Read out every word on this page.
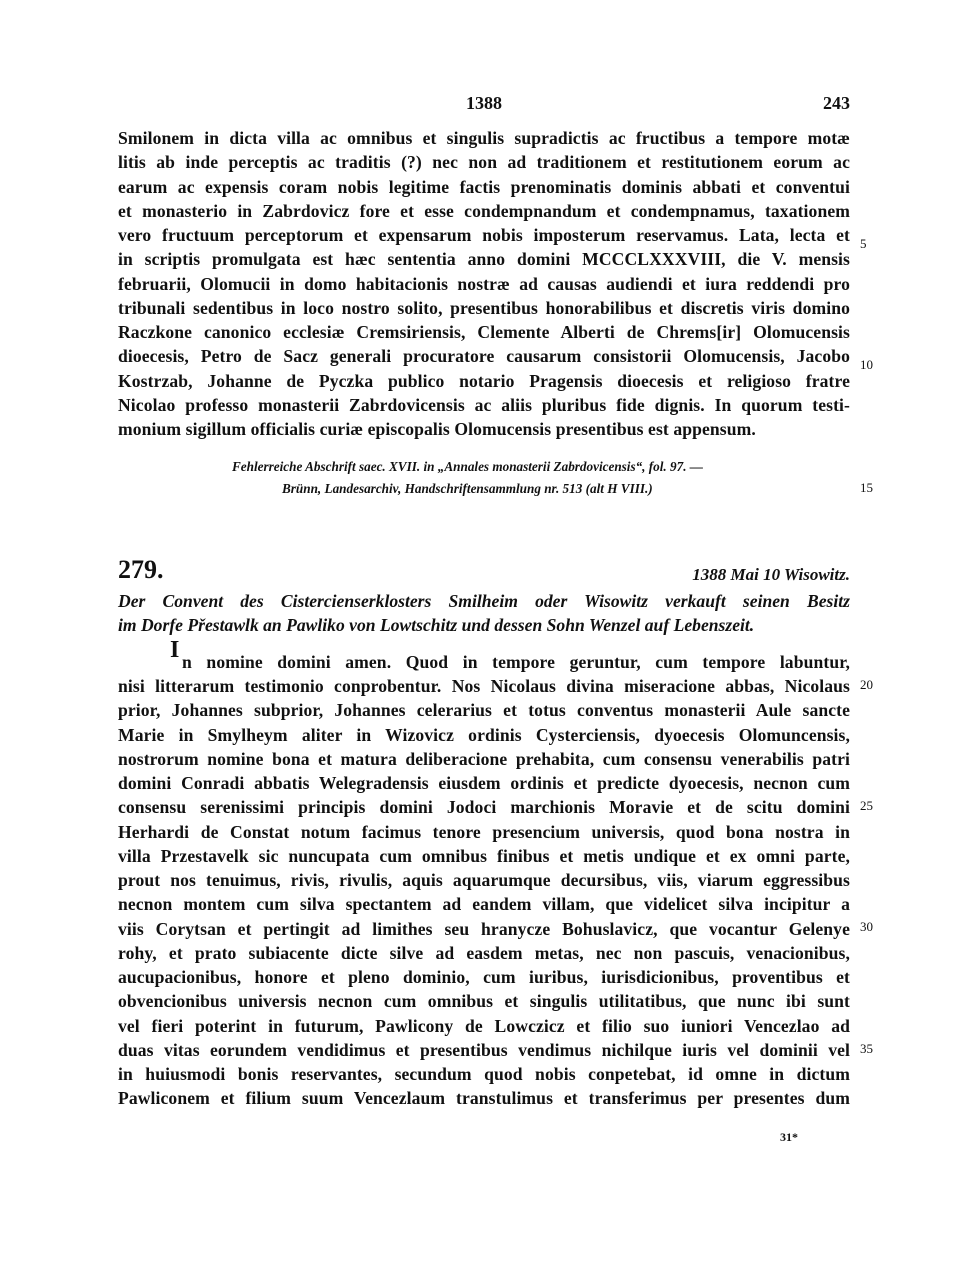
1388	243
Smilonem in dicta villa ac omnibus et singulis supradictis ac fructibus a tempore motæ
litis ab inde perceptis ac traditis (?) nec non ad traditionem et restitutionem eorum ac
earum ac expensis coram nobis legitime factis prenominatis dominis abbati et conventui
et monasterio in Zabrdovicz fore et esse condempnandum et condempnamus, taxationem
vero fructuum perceptorum et expensarum nobis imposterum reservamus. Lata, lecta et
in scriptis promulgata est hæc sententia anno domini MCCCLXXXVIII, die V. mensis
februarii, Olomucii in domo habitacionis nostræ ad causas audiendi et iura reddendi pro
tribunali sedentibus in loco nostro solito, presentibus honorabilibus et discretis viris domino
Raczkone canonico ecclesiæ Cremsiriensis, Clemente Alberti de Chrems[ir] Olomucensis
dioecesis, Petro de Sacz generali procuratore causarum consistorii Olomucensis, Jacobo
Kostrzab, Johanne de Pyczka publico notario Pragensis dioecesis et religioso fratre
Nicolao professo monasterii Zabrdovicensis ac aliis pluribus fide dignis. In quorum testi-
monium sigillum officialis curiæ episcopalis Olomucensis presentibus est appensum.
5
10
Fehlerreiche Abschrift saec. XVII. in „Annales monasterii Zabrdovicensis“, fol. 97. —
Brünn, Landesarchiv, Handschriftensammlung nr. 513 (alt H VIII.)	15
279.	1388 Mai 10 Wisowitz.
Der Convent des Cistercienserklosters Smilheim oder Wisowitz verkauft seinen Besitz
im Dorfe Přestawlk an Pawliko von Lowtschitz und dessen Sohn Wenzel auf Lebenszeit.
I n nomine domini amen. Quod in tempore geruntur, cum tempore labuntur,
nisi litterarum testimonio conprobentur. Nos Nicolaus divina miseracione abbas, Nicolaus
prior, Johannes subprior, Johannes celerarius et totus conventus monasterii Aule sancte
Marie in Smylheym aliter in Wizovicz ordinis Cysterciensis, dyoecesis Olomuncensis,
nostrorum nomine bona et matura deliberacione prehabita, cum consensu venerabilis patri
domini Conradi abbatis Welegradensis eiusdem ordinis et predicte dyoecesis, necnon cum
consensu serenissimi principis domini Jodoci marchionis Moravie et de scitu domini
Herhardi de Constat notum facimus tenore presencium universis, quod bona nostra in
villa Przestavelk sic nuncupata cum omnibus finibus et metis undique et ex omni parte,
prout nos tenuimus, rivis, rivulis, aquis aquarumque decursibus, viis, viarum eggressibus
necnon montem cum silva spectantem ad eandem villam, que videlicet silva incipitur a
viis Corytsan et pertingit ad limithes seu hranycze Bohuslavicz, que vocantur Gelenye
rohy, et prato subiacente dicte silve ad easdem metas, nec non pascuis, venacionibus,
aucupacionibus, honore et pleno dominio, cum iuribus, iurisdicionibus, proventibus et
obvencionibus universis necnon cum omnibus et singulis utilitatibus, que nunc ibi sunt
vel fieri poterint in futurum, Pawlicony de Lowczicz et filio suo iuniori Vencezlao ad
duas vitas eorundem vendidimus et presentibus vendimus nichilque iuris vel dominii vel
in huiusmodi bonis reservantes, secundum quod nobis conpetebat, id omne in dictum
Pawliconem et filium suum Vencezlaum transtulimus et transferimus per presentes dum
20
25
30
35
31*
